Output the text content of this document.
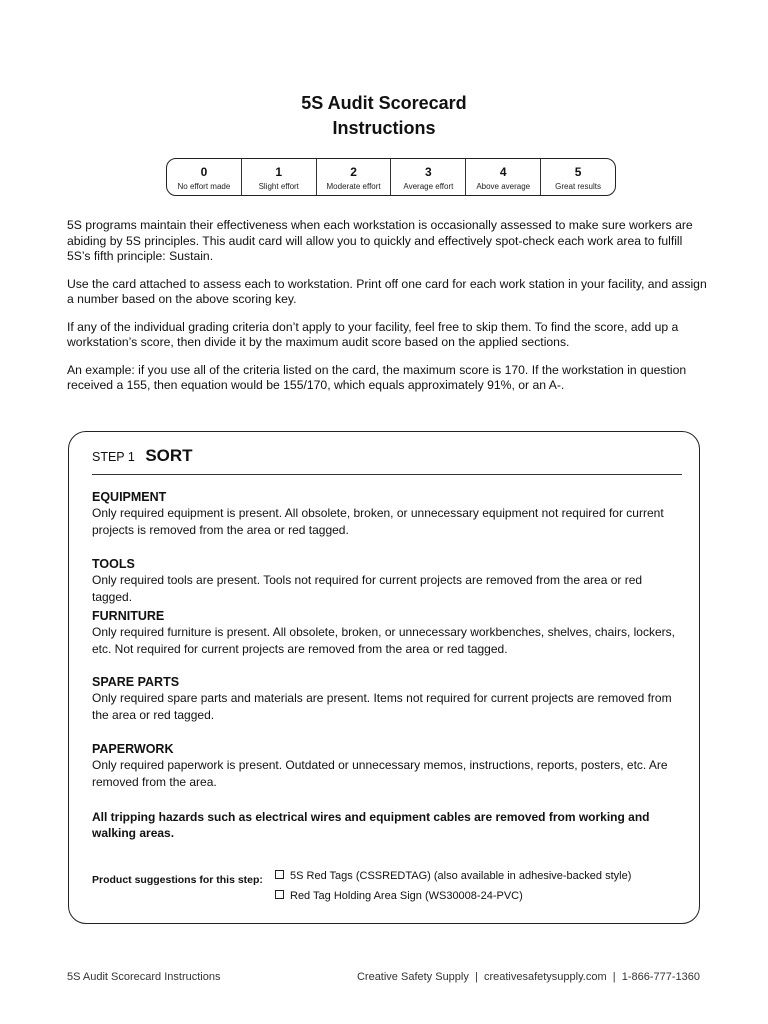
5S Audit Scorecard
Instructions
0
No effort made
1
Slight effort
2
Moderate effort
3
Average effort
4
Above average
5
Great results

5S programs maintain their effectiveness when each workstation is occasionally assessed to make sure workers are abiding by 5S principles. This audit card will allow you to quickly and effectively spot-check each work area to fulfill 5S’s fifth principle: Sustain.

Use the card attached to assess each to workstation. Print off one card for each work station in your facility, and assign a number based on the above scoring key.

If any of the individual grading criteria don’t apply to your facility, feel free to skip them. To find the score, add up a workstation’s score, then divide it by the maximum audit score based on the applied sections.

An example: if you use all of the criteria listed on the card, the maximum score is 170. If the workstation in question received a 155, then equation would be 155/170, which equals approximately 91%, or an A-.

STEP 1 SORT
EQUIPMENT
Only required equipment is present. All obsolete, broken, or unnecessary equipment not required for current projects is removed from the area or red tagged.
TOOLS
Only required tools are present. Tools not required for current projects are removed from the area or red tagged.
FURNITURE
Only required furniture is present. All obsolete, broken, or unnecessary workbenches, shelves, chairs, lockers, etc. Not required for current projects are removed from the area or red tagged.
SPARE PARTS
Only required spare parts and materials are present. Items not required for current projects are removed from the area or red tagged.
PAPERWORK
Only required paperwork is present. Outdated or unnecessary memos, instructions, reports, posters, etc. Are removed from the area.
All tripping hazards such as electrical wires and equipment cables are removed from working and walking areas.
Product suggestions for this step:	5S Red Tags (CSSREDTAG) (also available in adhesive-backed style)
Red Tag Holding Area Sign (WS30008-24-PVC)
5S Audit Scorecard Instructions	Creative Safety Supply  |  creativesafetysupply.com  |  1-866-777-1360
